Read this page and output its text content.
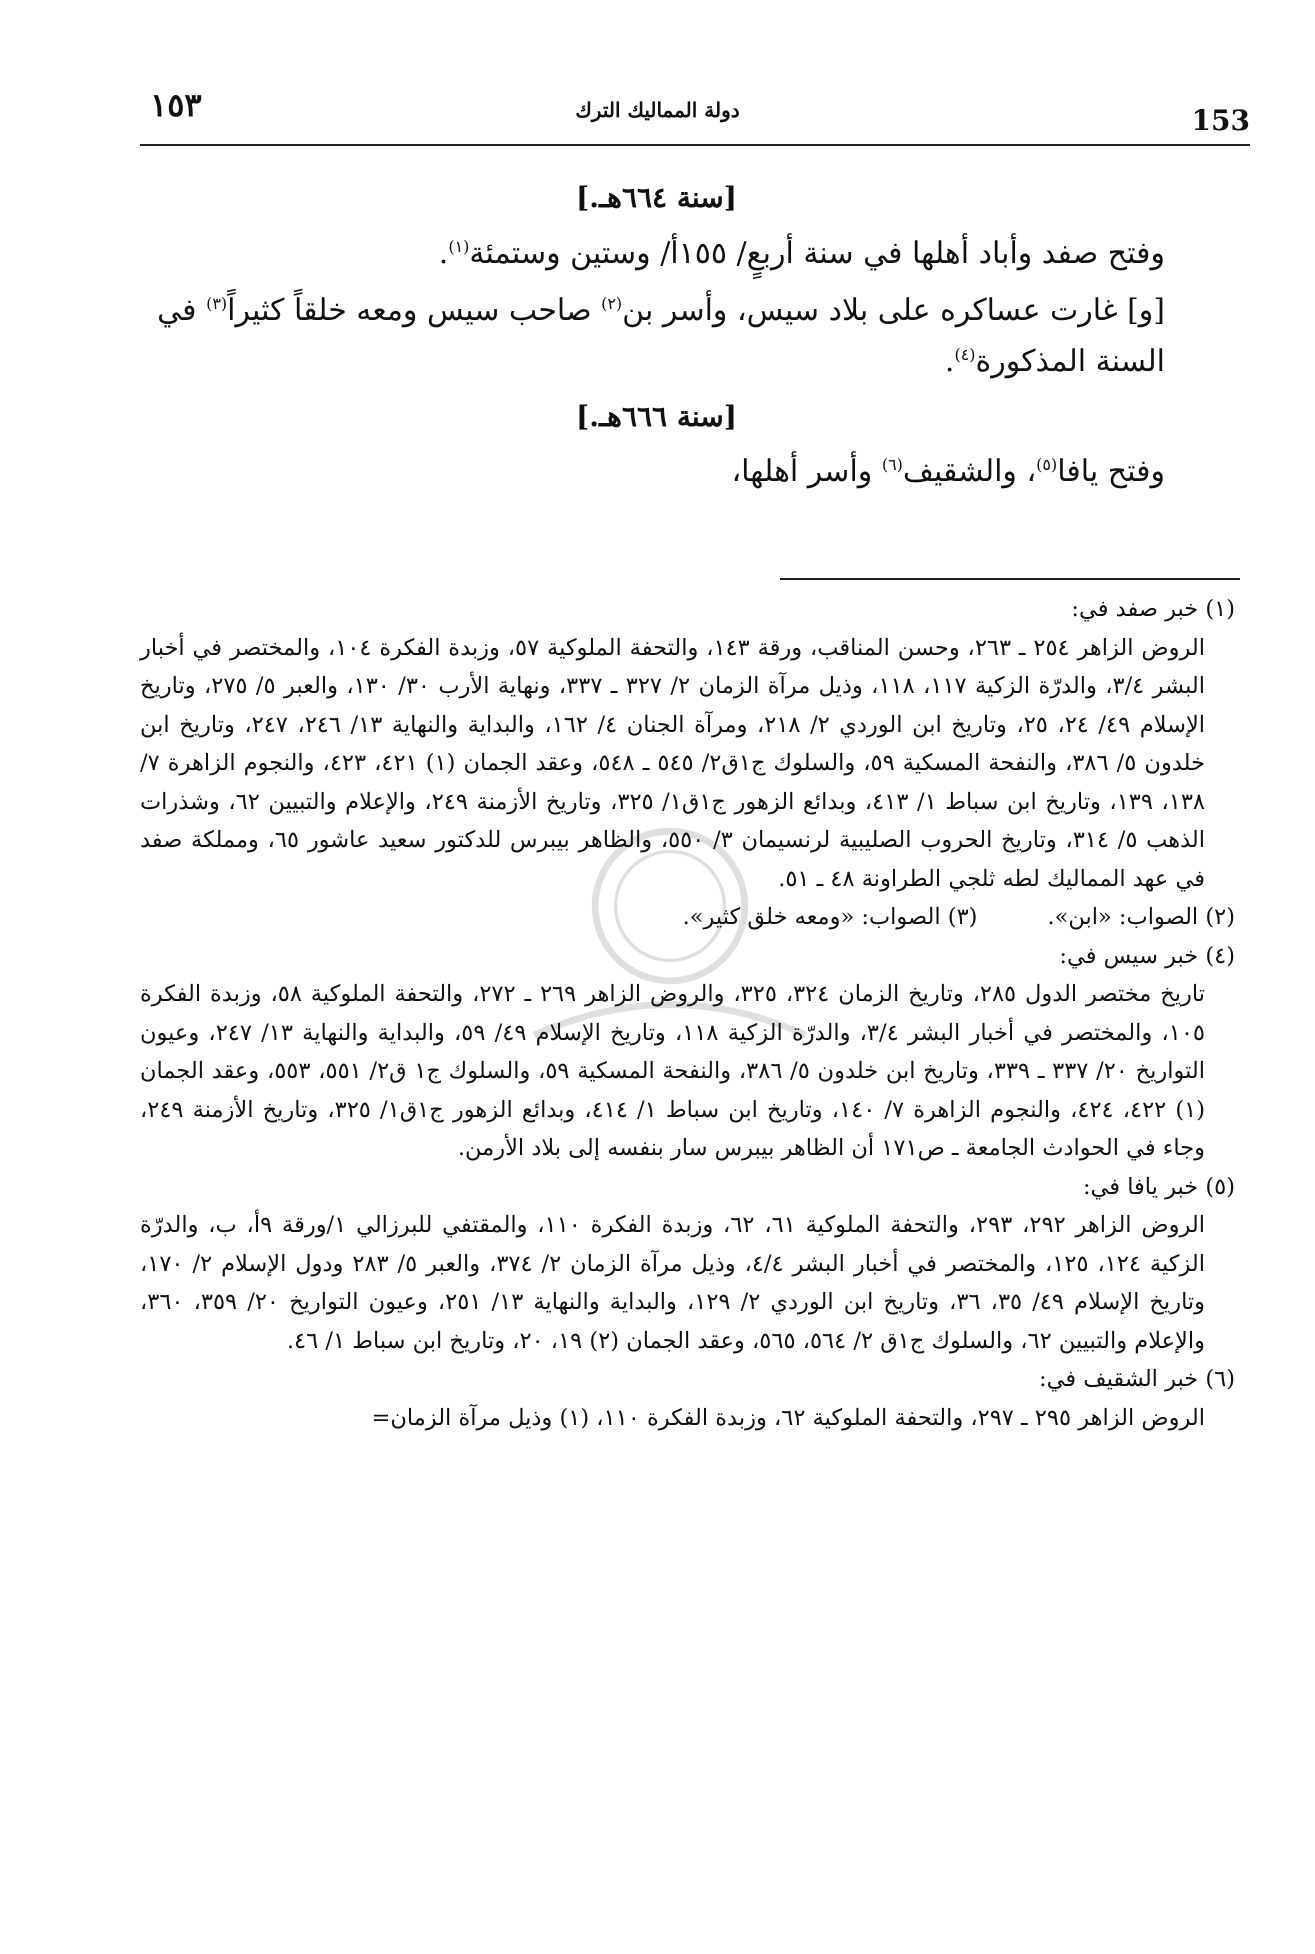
١٥٣	دولة المماليك الترك	153
[سنة ٦٦٤هـ.]

وفتح صفد وأباد أهلها في سنة أربعٍ/ ١٥٥أ/ وستين وستمئة$^{(١)}$.

[و] غارت عساكره على بلاد سيس، وأسر بن$^{(٢)}$ صاحب سيس ومعه خلقاً كثيراً$^{(٣)}$ في السنة المذكورة$^{(٤)}$.

[سنة ٦٦٦هـ.]

وفتح يافا$^{(٥)}$، والشقيف$^{(٦)}$ وأسر أهلها،

(١) خبر صفد في:
الروض الزاهر ٢٥٤ ـ ٢٦٣، وحسن المناقب، ورقة ١٤٣، والتحفة الملوكية ٥٧، وزبدة الفكرة ١٠٤، والمختصر في أخبار البشر ٣/٤، والدرّة الزكية ١١٧، ١١٨، وذيل مرآة الزمان ٢/ ٣٢٧ ـ ٣٣٧، ونهاية الأرب ٣٠/ ١٣٠، والعبر ٥/ ٢٧٥، وتاريخ الإسلام ٤٩/ ٢٤، ٢٥، وتاريخ ابن الوردي ٢/ ٢١٨، ومرآة الجنان ٤/ ١٦٢، والبداية والنهاية ١٣/ ٢٤٦، ٢٤٧، وتاريخ ابن خلدون ٥/ ٣٨٦، والنفحة المسكية ٥٩، والسلوك ج١ق٢/ ٥٤٥ ـ ٥٤٨، وعقد الجمان (١) ٤٢١، ٤٢٣، والنجوم الزاهرة ٧/ ١٣٨، ١٣٩، وتاريخ ابن سباط ١/ ٤١٣، وبدائع الزهور ج١ق١/ ٣٢٥، وتاريخ الأزمنة ٢٤٩، والإعلام والتبيين ٦٢، وشذرات الذهب ٥/ ٣١٤، وتاريخ الحروب الصليبية لرنسيمان ٣/ ٥٥٠، والظاهر بيبرس للدكتور سعيد عاشور ٦٥، ومملكة صفد في عهد المماليك لطه ثلجي الطراونة ٤٨ ـ ٥١.

(٢) الصواب: «ابن».
(٣) الصواب: «ومعه خلق كثير».

(٤) خبر سيس في:
تاريخ مختصر الدول ٢٨٥، وتاريخ الزمان ٣٢٤، ٣٢٥، والروض الزاهر ٢٦٩ ـ ٢٧٢، والتحفة الملوكية ٥٨، وزبدة الفكرة ١٠٥، والمختصر في أخبار البشر ٣/٤، والدرّة الزكية ١١٨، وتاريخ الإسلام ٤٩/ ٥٩، والبداية والنهاية ١٣/ ٢٤٧، وعيون التواريخ ٢٠/ ٣٣٧ ـ ٣٣٩، وتاريخ ابن خلدون ٥/ ٣٨٦، والنفحة المسكية ٥٩، والسلوك ج١ ق٢/ ٥٥١، ٥٥٣، وعقد الجمان (١) ٤٢٢، ٤٢٤، والنجوم الزاهرة ٧/ ١٤٠، وتاريخ ابن سباط ١/ ٤١٤، وبدائع الزهور ج١ق١/ ٣٢٥، وتاريخ الأزمنة ٢٤٩، وجاء في الحوادث الجامعة ـ ص١٧١ أن الظاهر بيبرس سار بنفسه إلى بلاد الأرمن.

(٥) خبر يافا في:
الروض الزاهر ٢٩٢، ٢٩٣، والتحفة الملوكية ٦١، ٦٢، وزبدة الفكرة ١١٠، والمقتفي للبرزالي ١/ورقة ٩أ، ب، والدرّة الزكية ١٢٤، ١٢٥، والمختصر في أخبار البشر ٤/٤، وذيل مرآة الزمان ٢/ ٣٧٤، والعبر ٥/ ٢٨٣ ودول الإسلام ٢/ ١٧٠، وتاريخ الإسلام ٤٩/ ٣٥، ٣٦، وتاريخ ابن الوردي ٢/ ١٢٩، والبداية والنهاية ١٣/ ٢٥١، وعيون التواريخ ٢٠/ ٣٥٩، ٣٦٠، والإعلام والتبيين ٦٢، والسلوك ج١ق ٢/ ٥٦٤، ٥٦٥، وعقد الجمان (٢) ١٩، ٢٠، وتاريخ ابن سباط ١/ ٤٦.

(٦) خبر الشقيف في:
الروض الزاهر ٢٩٥ ـ ٢٩٧، والتحفة الملوكية ٦٢، وزبدة الفكرة ١١٠، (١) وذيل مرآة الزمان=
